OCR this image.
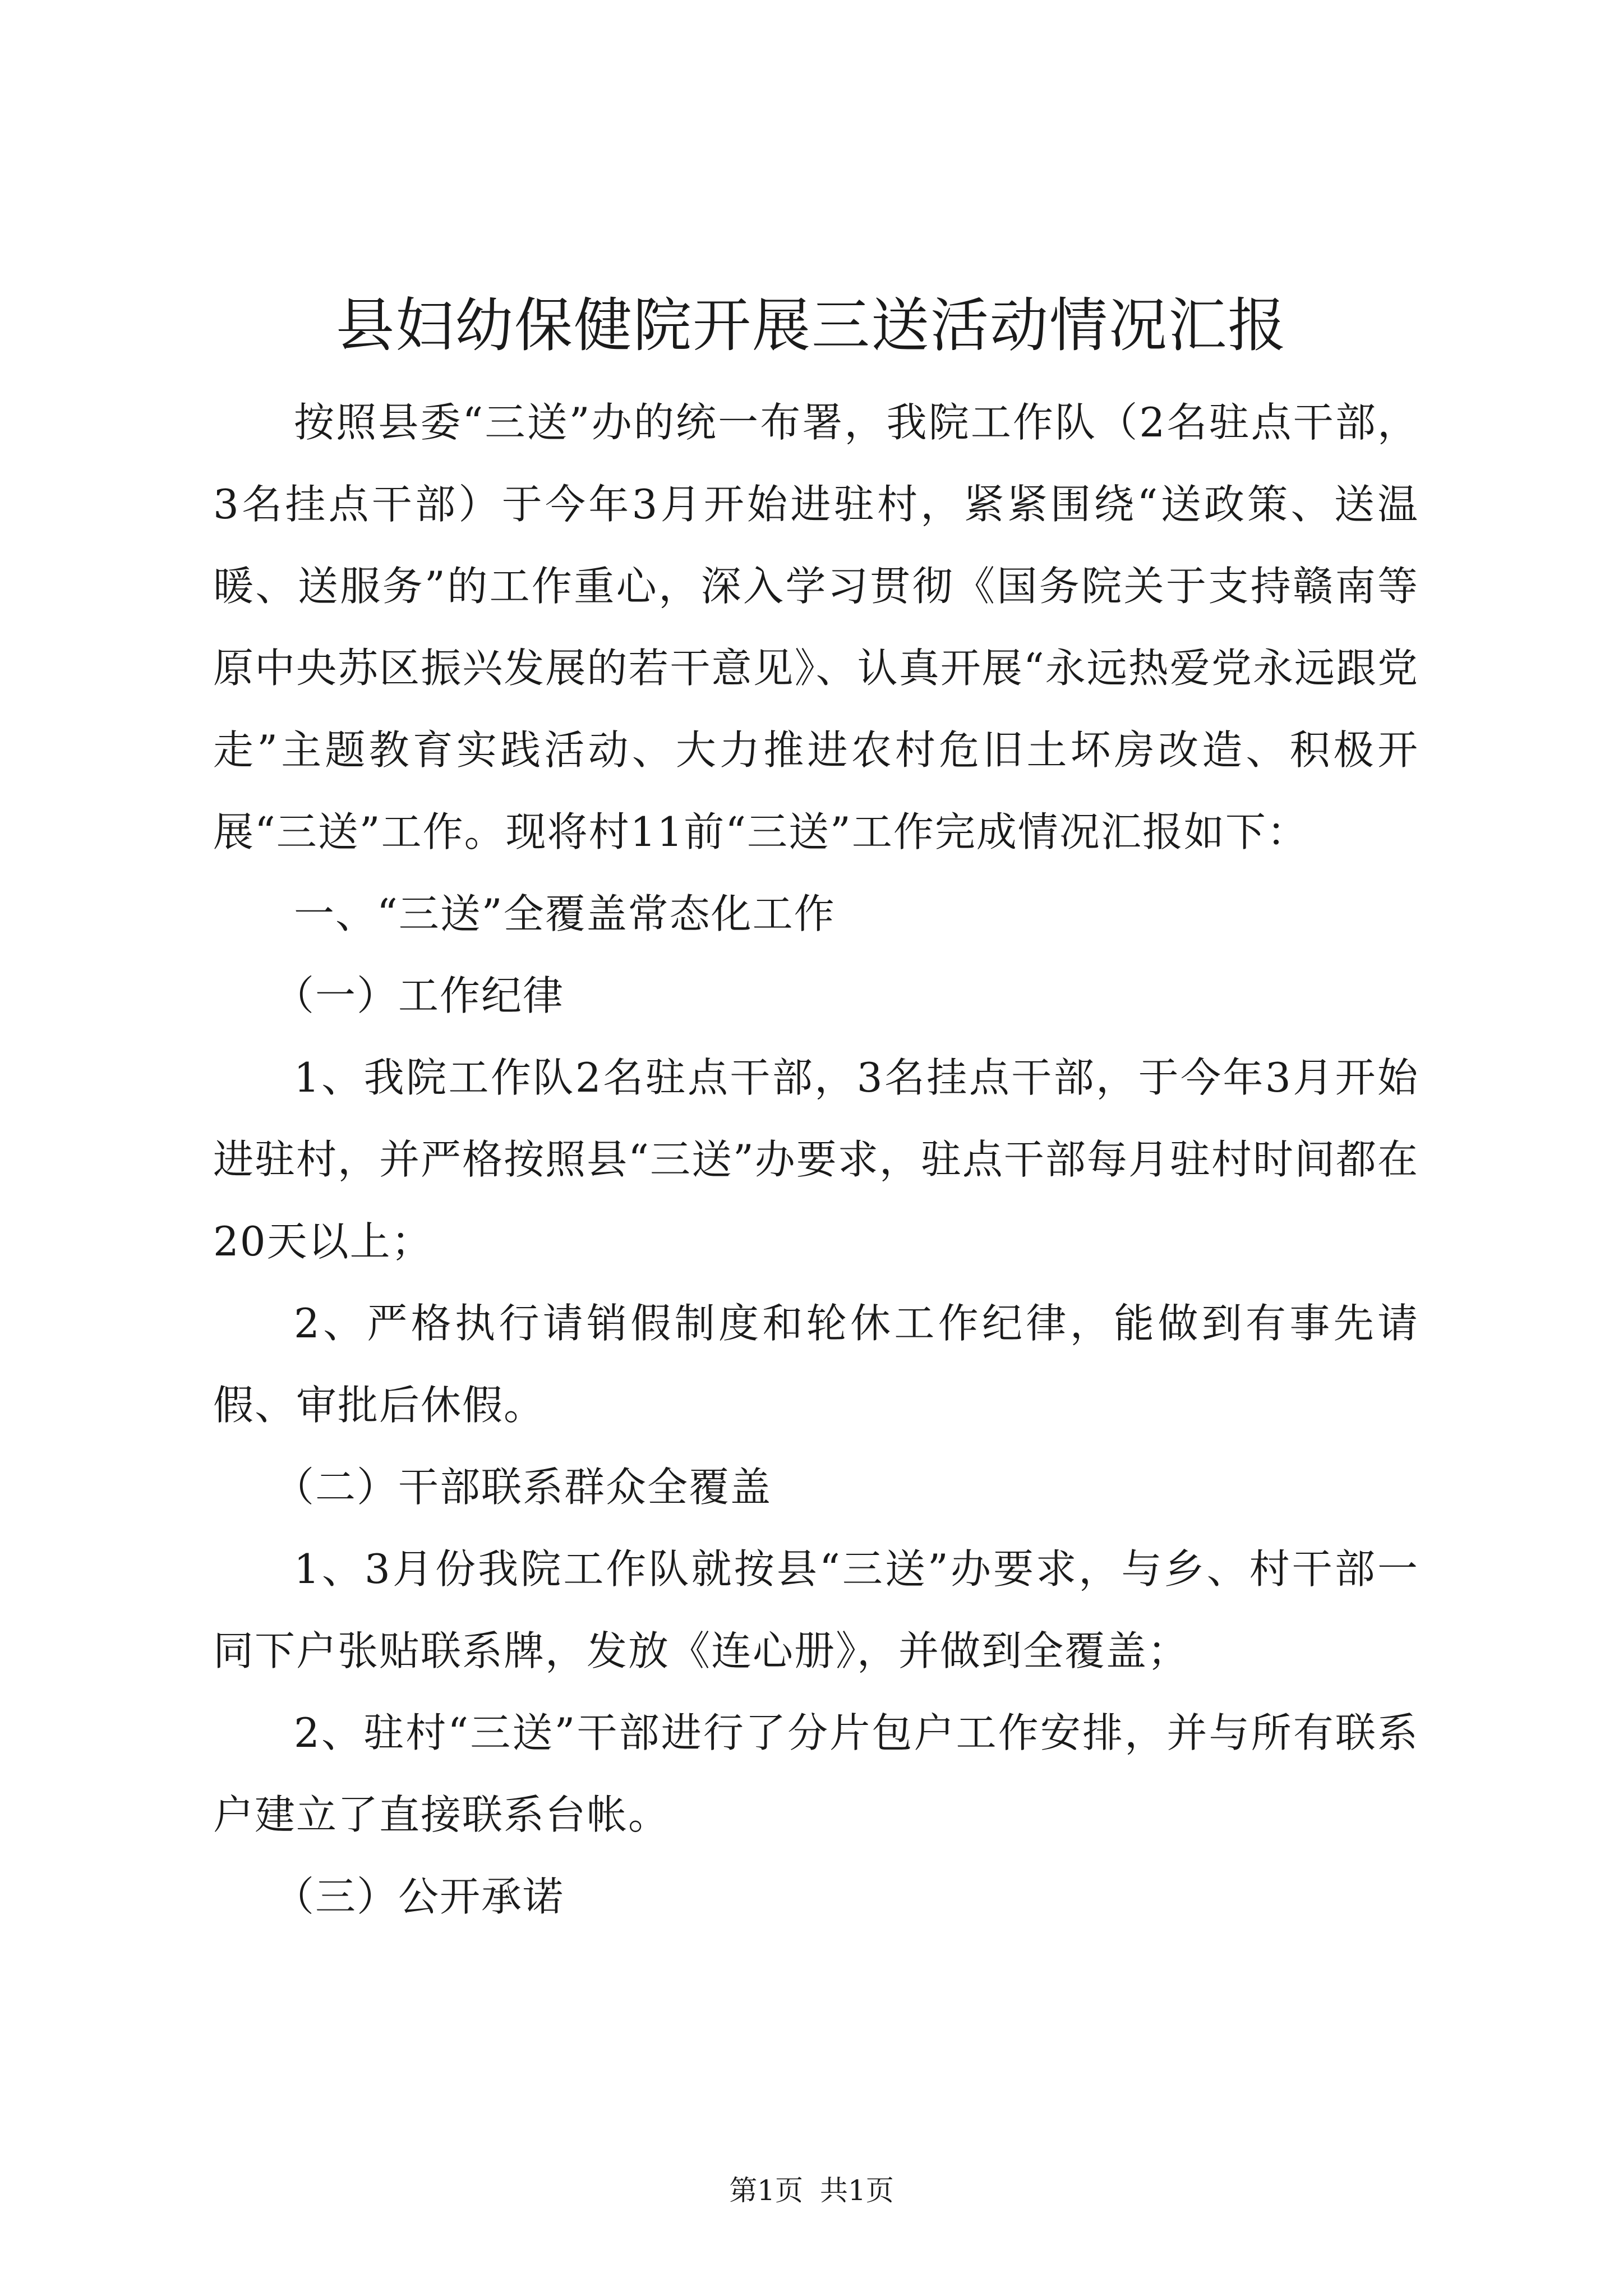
县妇幼保健院开展三送活动情况汇报

按照县委“三送”办的统一布署，我院工作队（2名驻点干部，3名挂点干部）于今年3月开始进驻村，紧紧围绕“送政策、送温暖、送服务”的工作重心，深入学习贯彻《国务院关于支持赣南等原中央苏区振兴发展的若干意见》、认真开展“永远热爱党永远跟党走”主题教育实践活动、大力推进农村危旧土坏房改造、积极开展“三送”工作。现将村11前“三送”工作完成情况汇报如下：

一、“三送”全覆盖常态化工作

（一）工作纪律

1、我院工作队2名驻点干部，3名挂点干部，于今年3月开始进驻村，并严格按照县“三送”办要求，驻点干部每月驻村时间都在20天以上；

2、严格执行请销假制度和轮休工作纪律，能做到有事先请假、审批后休假。

（二）干部联系群众全覆盖

1、3月份我院工作队就按县“三送”办要求，与乡、村干部一同下户张贴联系牌，发放《连心册》，并做到全覆盖；

2、驻村“三送”干部进行了分片包户工作安排，并与所有联系户建立了直接联系台帐。

（三）公开承诺

第1页 共1页
